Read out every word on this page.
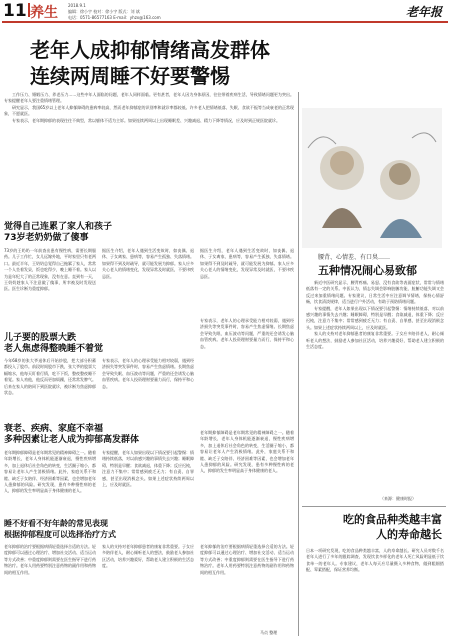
11 养生	2018.9.1
编辑：徐小宇 校对：徐小宇 版式：刘 斌
电话：0571-86577163 E-mail：yhzx@163.com	老年报
老年人成抑郁情绪高发群体
连续两周睡不好要警惕
工作压力、婚姻压力、养老压力……这些中年人面临的问题，老年人同样面临。更有甚者，老年人因为身体原因，往往带着疾病生活，导致情绪问题更为突出。专家提醒老年人要注重情绪管理。
研究显示，我国65岁以上老年人抑郁障碍的患病率较高，然而老年抑郁症的识别率和就诊率都较低。许多老人把情绪低落、失眠、食欲不振等当成衰老的正常现象，不愿就医。
专家表示，老年期抑郁的表现往往不典型，常以躯体不适为主诉。如果连续两周以上出现睡眠差、兴趣减退、精力下降等情况，应及时到正规医院就诊。
觉得自己连累了家人和孩子
73岁老奶奶做了傻事
73岁的王奶奶一年前查出患有慢性病，需要长期服药。儿子工作忙，女儿远嫁外地，平时家里只有老两口。最近半年，王奶奶总觉得自己拖累了家人，常常一个人坐着发呆，饭也吃得少，晚上睡不着。家人以为是年纪大了的正常现象，没有在意。直到有一天，王奶奶趁家人不注意做了傻事，所幸被及时发现送医。医生诊断为重度抑郁。
据医生介绍，老年人遇到生活变故时，如丧偶、退休、子女离家、患病等，容易产生孤独、失落情绪。如果得不到及时疏导，就可能发展为抑郁。家人应多关心老人的情绪变化，发现异常及时就医，不要讳疾忌医。
据医生介绍，老年人遇到生活变故时，如丧偶、退休、子女离家、患病等，容易产生孤独、失落情绪。如果得不到及时疏导，就可能发展为抑郁。家人应多关心老人的情绪变化，发现异常及时就医，不要讳疾忌医。
儿子要的股票大跌
老人焦虑得整晚睡不着觉
今年68岁的张大爷退休后开始炒股，把大部分积蓄都投入了股市。前段时间股市下跌，张大爷的股票大幅缩水，他每天盯着行情，吃不下饭，整夜整夜睡不着觉。家人劝他，他反而更加烦躁，还常常发脾气。后来在家人的陪同下到医院就诊，被诊断为焦虑抑郁状态。
专家表示，老年人的心理承受能力相对较弱，遇到经济损失等突发事件时，容易产生焦虑情绪。长期焦虑会导致失眠、血压波动等问题，严重的还会诱发心脑血管疾病。老年人投资理财要量力而行，保持平和心态。
专家表示，老年人的心理承受能力相对较弱，遇到经济损失等突发事件时，容易产生焦虑情绪。长期焦虑会导致失眠、血压波动等问题，严重的还会诱发心脑血管疾病。老年人投资理财要量力而行，保持平和心态。
衰老、疾病、家庭不幸福
多种因素让老人成为抑郁高发群体
老年期抑郁障碍是老年期常见的精神障碍之一。随着年龄增长，老年人身体机能逐渐衰退，慢性疾病增多，加上退休后社会角色的转变，生活圈子缩小，都容易让老年人产生消极情绪。此外，家庭关系不和睦、缺乏子女陪伴、经济困难等因素，也会增加老年人患抑郁的风险。研究发现，患有多种慢性病的老人，抑郁的发生率明显高于身体健康的老人。
专家提醒，老年人如果出现以下情况要引起警惕：情绪持续低落，对以前感兴趣的事情失去兴趣；睡眠障碍，特别是早醒；食欲减退，体重下降；反应迟钝，注意力不集中；常常感到疲乏无力；有自责、自罪感，甚至出现消极念头。如果上述症状持续两周以上，应及时就医。
老年期抑郁障碍是老年期常见的精神障碍之一。随着年龄增长，老年人身体机能逐渐衰退，慢性疾病增多，加上退休后社会角色的转变，生活圈子缩小，都容易让老年人产生消极情绪。此外，家庭关系不和睦、缺乏子女陪伴、经济困难等因素，也会增加老年人患抑郁的风险。研究发现，患有多种慢性病的老人，抑郁的发生率明显高于身体健康的老人。
睡不好看不好年龄的常见表现
根据抑郁程度可以选择治疗方式
老年抑郁的治疗要根据病情轻重选择合适的方法。轻度抑郁可以通过心理治疗、增加社交活动、适当运动等方式改善；中重度抑郁则需要在医生指导下进行药物治疗。老年人用药要特别注意药物的副作用和药物间的相互作用。
家人的支持对老年抑郁患者的康复非常重要。子女应多陪伴老人，耐心倾听老人的想法，鼓励老人参加社区活动，培养兴趣爱好，帮助老人建立积极的生活态度。
老年抑郁的治疗要根据病情轻重选择合适的方法。轻度抑郁可以通过心理治疗、增加社交活动、适当运动等方式改善；中重度抑郁则需要在医生指导下进行药物治疗。老年人用药要特别注意药物的副作用和药物间的相互作用。
马贞 整理
腰背、心情差、有口臭……
五种情况闹心易致郁
新近中医研究显示，腰背疼痛、易怒、没有食欲等表面症状，常常与情绪低落有一定的关系。中医认为，情志失调会影响脏腑功能，脏腑功能失调又会反过来加重情绪问题。专家建议，日常生活中应注意调节情绪，保持心情舒畅，饮食清淡规律，适当进行户外活动，有助于预防情绪问题。
专家提醒，老年人如果出现以下情况要引起警惕：情绪持续低落，对以前感兴趣的事情失去兴趣；睡眠障碍，特别是早醒；食欲减退，体重下降；反应迟钝，注意力不集中；常常感到疲乏无力；有自责、自罪感，甚至出现消极念头。如果上述症状持续两周以上，应及时就医。
家人的支持对老年抑郁患者的康复非常重要。子女应多陪伴老人，耐心倾听老人的想法，鼓励老人参加社区活动，培养兴趣爱好，帮助老人建立积极的生活态度。
（来源：健康时报）
吃的食品种类越丰富人的寿命越长
日本一项研究发现，吃的食品种类越丰富，人的寿命越长。研究人员对数千名老年人进行了多年的跟踪调查，发现饮食多样化的老年人死亡风险明显低于饮食单一的老年人。专家建议，老年人每天应尽量摄入多种食物，做到粗细搭配、荤素搭配，保证营养均衡。
